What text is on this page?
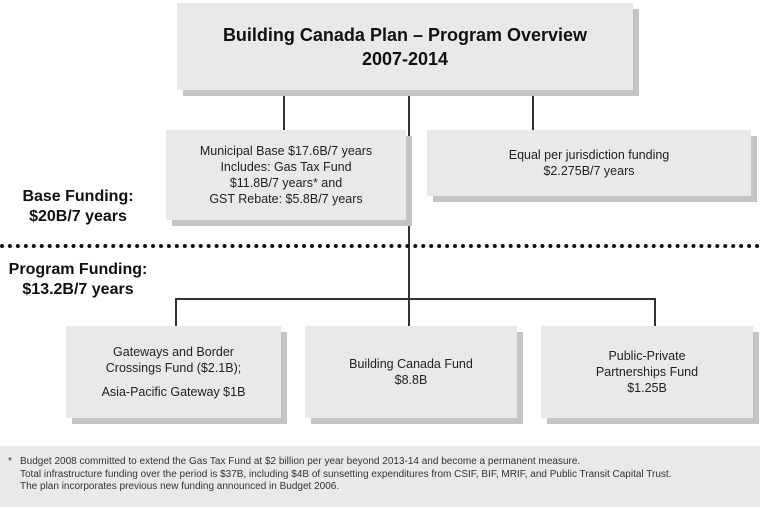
Building Canada Plan – Program Overview
2007-2014
Municipal Base $17.6B/7 years
Includes: Gas Tax Fund
$11.8B/7 years* and
GST Rebate: $5.8B/7 years
Equal per jurisdiction funding
$2.275B/7 years
Base Funding:
$20B/7 years
Program Funding:
$13.2B/7 years
Gateways and Border
Crossings Fund ($2.1B);
Asia-Pacific Gateway $1B
Building Canada Fund
$8.8B
Public-Private
Partnerships Fund
$1.25B
* Budget 2008 committed to extend the Gas Tax Fund at $2 billion per year beyond 2013-14 and become a permanent measure.
Total infrastructure funding over the period is $37B, including $4B of sunsetting expenditures from CSIF, BIF, MRIF, and Public Transit Capital Trust.
The plan incorporates previous new funding announced in Budget 2006.
